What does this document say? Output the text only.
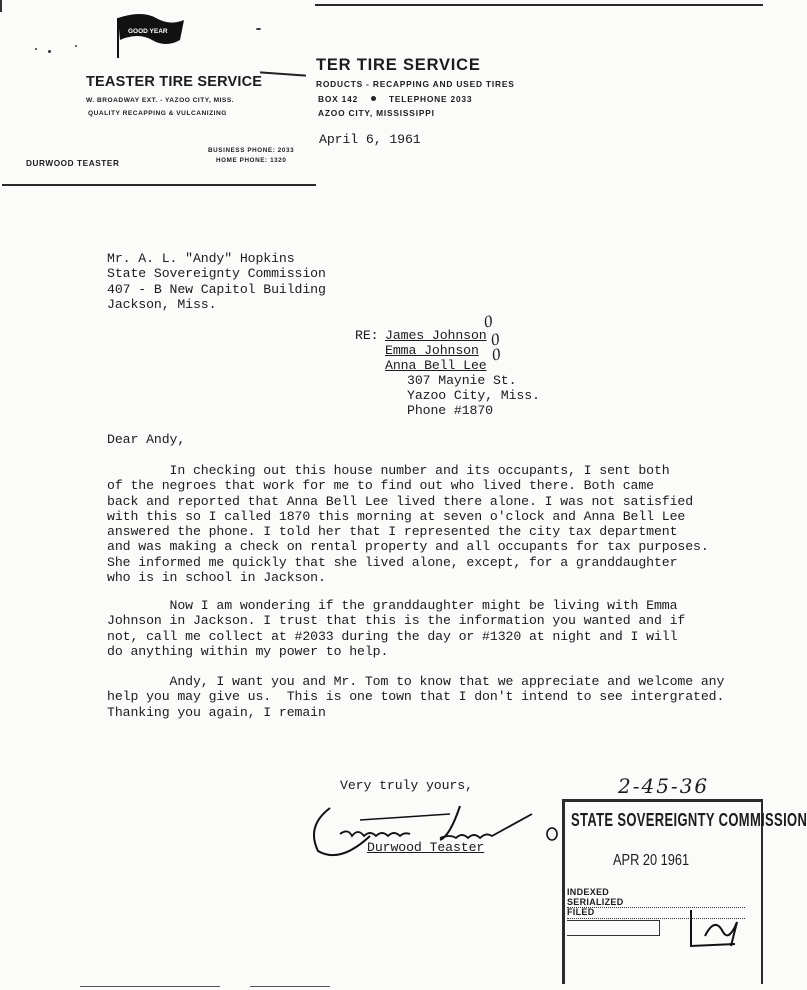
GOOD YEAR
TEASTER TIRE SERVICE
W. BROADWAY EXT. - YAZOO CITY, MISS.
QUALITY RECAPPING & VULCANIZING
BUSINESS PHONE: 2033
HOME PHONE: 1320
DURWOOD TEASTER
TER TIRE SERVICE
RODUCTS - RECAPPING AND USED TIRES
BOX 142	TELEPHONE 2033
AZOO CITY, MISSISSIPPI
April 6, 1961
Mr. A. L. "Andy" Hopkins
State Sovereignty Commission
407 - B New Capitol Building
Jackson, Miss.
RE: James Johnson
Emma Johnson
Anna Bell Lee
307 Maynie St.
Yazoo City, Miss.
Phone #1870
0
0
0
Dear Andy,
In checking out this house number and its occupants, I sent both
of the negroes that work for me to find out who lived there. Both came
back and reported that Anna Bell Lee lived there alone. I was not satisfied
with this so I called 1870 this morning at seven o'clock and Anna Bell Lee
answered the phone. I told her that I represented the city tax department
and was making a check on rental property and all occupants for tax purposes.
She informed me quickly that she lived alone, except, for a granddaughter
who is in school in Jackson.
Now I am wondering if the granddaughter might be living with Emma
Johnson in Jackson. I trust that this is the information you wanted and if
not, call me collect at #2033 during the day or #1320 at night and I will
do anything within my power to help.
Andy, I want you and Mr. Tom to know that we appreciate and welcome any
help you may give us.  This is one town that I don't intend to see intergrated.
Thanking you again, I remain
Very truly yours,
Durwood Teaster
2-45-36
STATE SOVEREIGNTY COMMISSION
APR 20 1961
INDEXED
SERIALIZED
FILED
